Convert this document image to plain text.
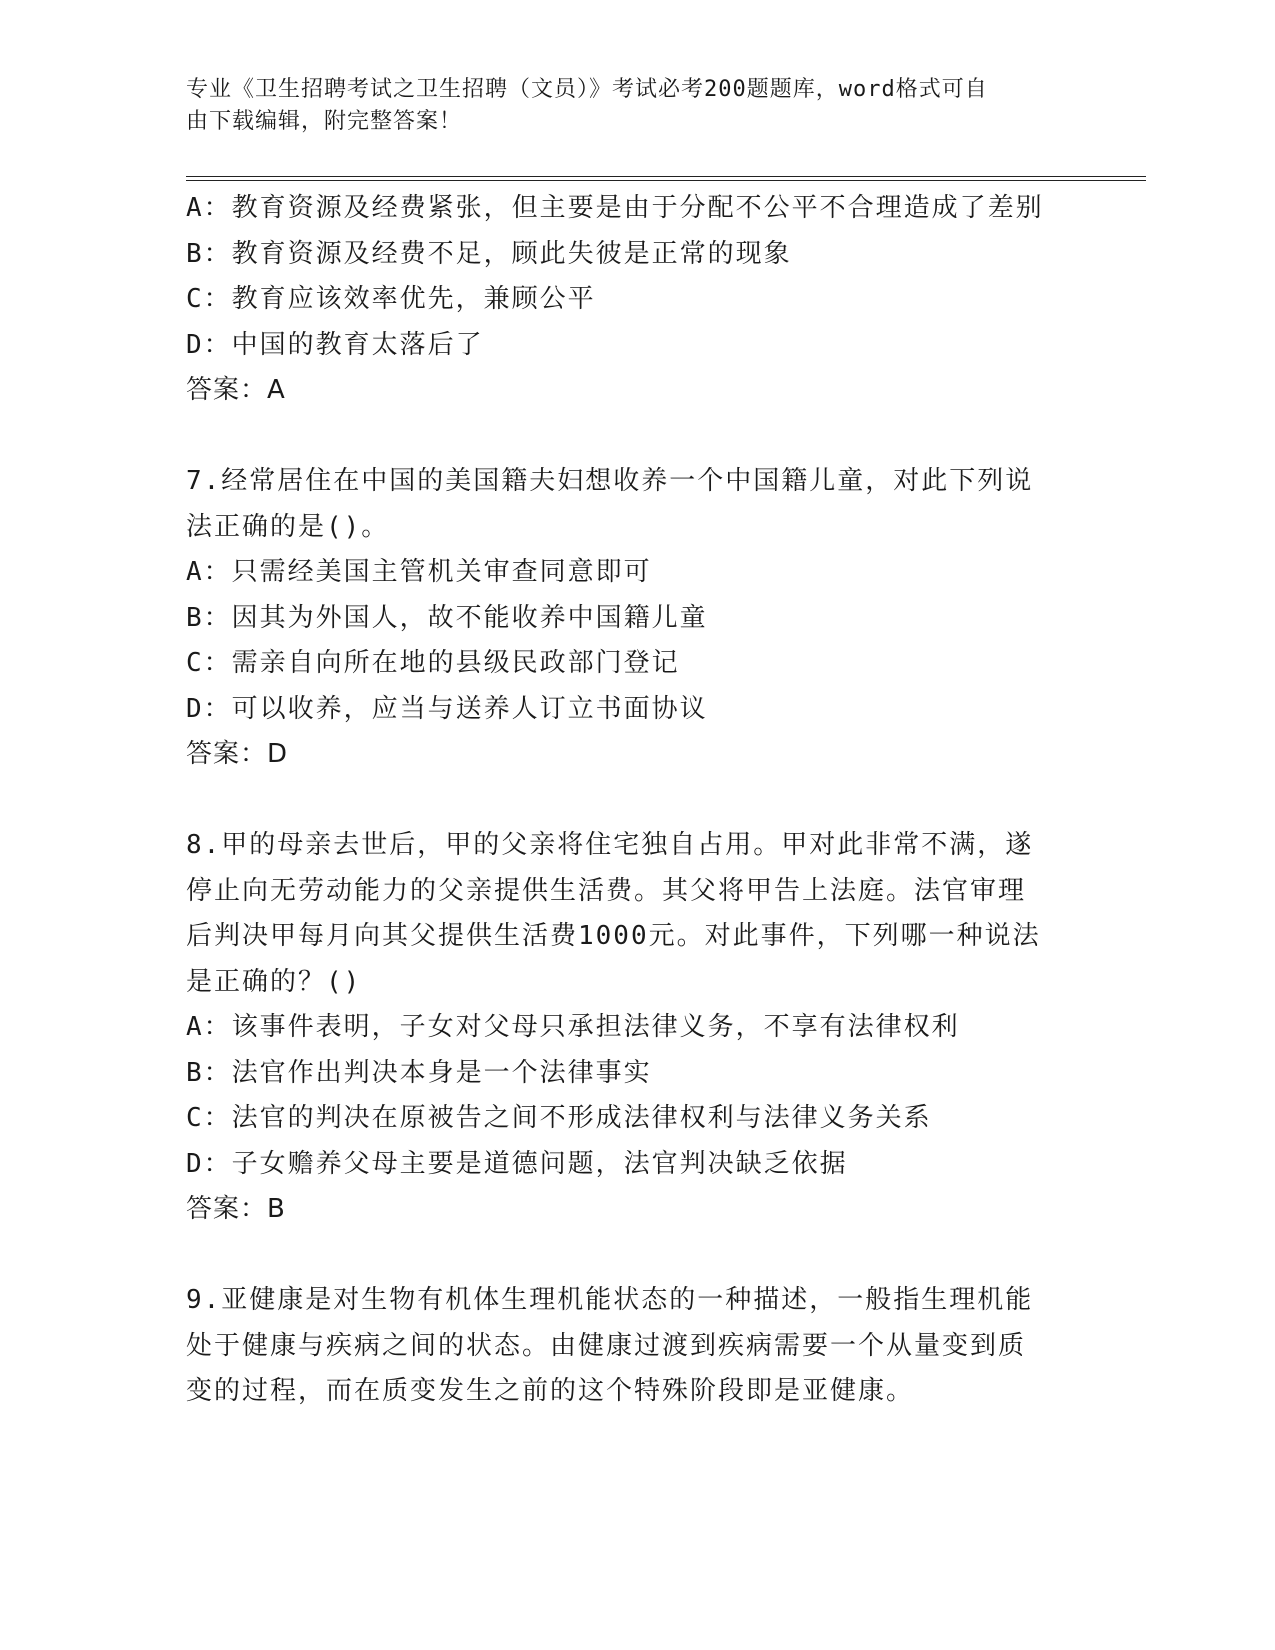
专业《卫生招聘考试之卫生招聘（文员）》考试必考200题题库，word格式可自
由下载编辑，附完整答案！
A：教育资源及经费紧张，但主要是由于分配不公平不合理造成了差别
B：教育资源及经费不足，顾此失彼是正常的现象
C：教育应该效率优先，兼顾公平
D：中国的教育太落后了
答案：A
7.经常居住在中国的美国籍夫妇想收养一个中国籍儿童，对此下列说
法正确的是()。
A：只需经美国主管机关审查同意即可
B：因其为外国人，故不能收养中国籍儿童
C：需亲自向所在地的县级民政部门登记
D：可以收养，应当与送养人订立书面协议
答案：D
8.甲的母亲去世后，甲的父亲将住宅独自占用。甲对此非常不满，遂
停止向无劳动能力的父亲提供生活费。其父将甲告上法庭。法官审理
后判决甲每月向其父提供生活费1000元。对此事件，下列哪一种说法
是正确的？()
A：该事件表明，子女对父母只承担法律义务，不享有法律权利
B：法官作出判决本身是一个法律事实
C：法官的判决在原被告之间不形成法律权利与法律义务关系
D：子女赡养父母主要是道德问题，法官判决缺乏依据
答案：B
9.亚健康是对生物有机体生理机能状态的一种描述，一般指生理机能
处于健康与疾病之间的状态。由健康过渡到疾病需要一个从量变到质
变的过程，而在质变发生之前的这个特殊阶段即是亚健康。
